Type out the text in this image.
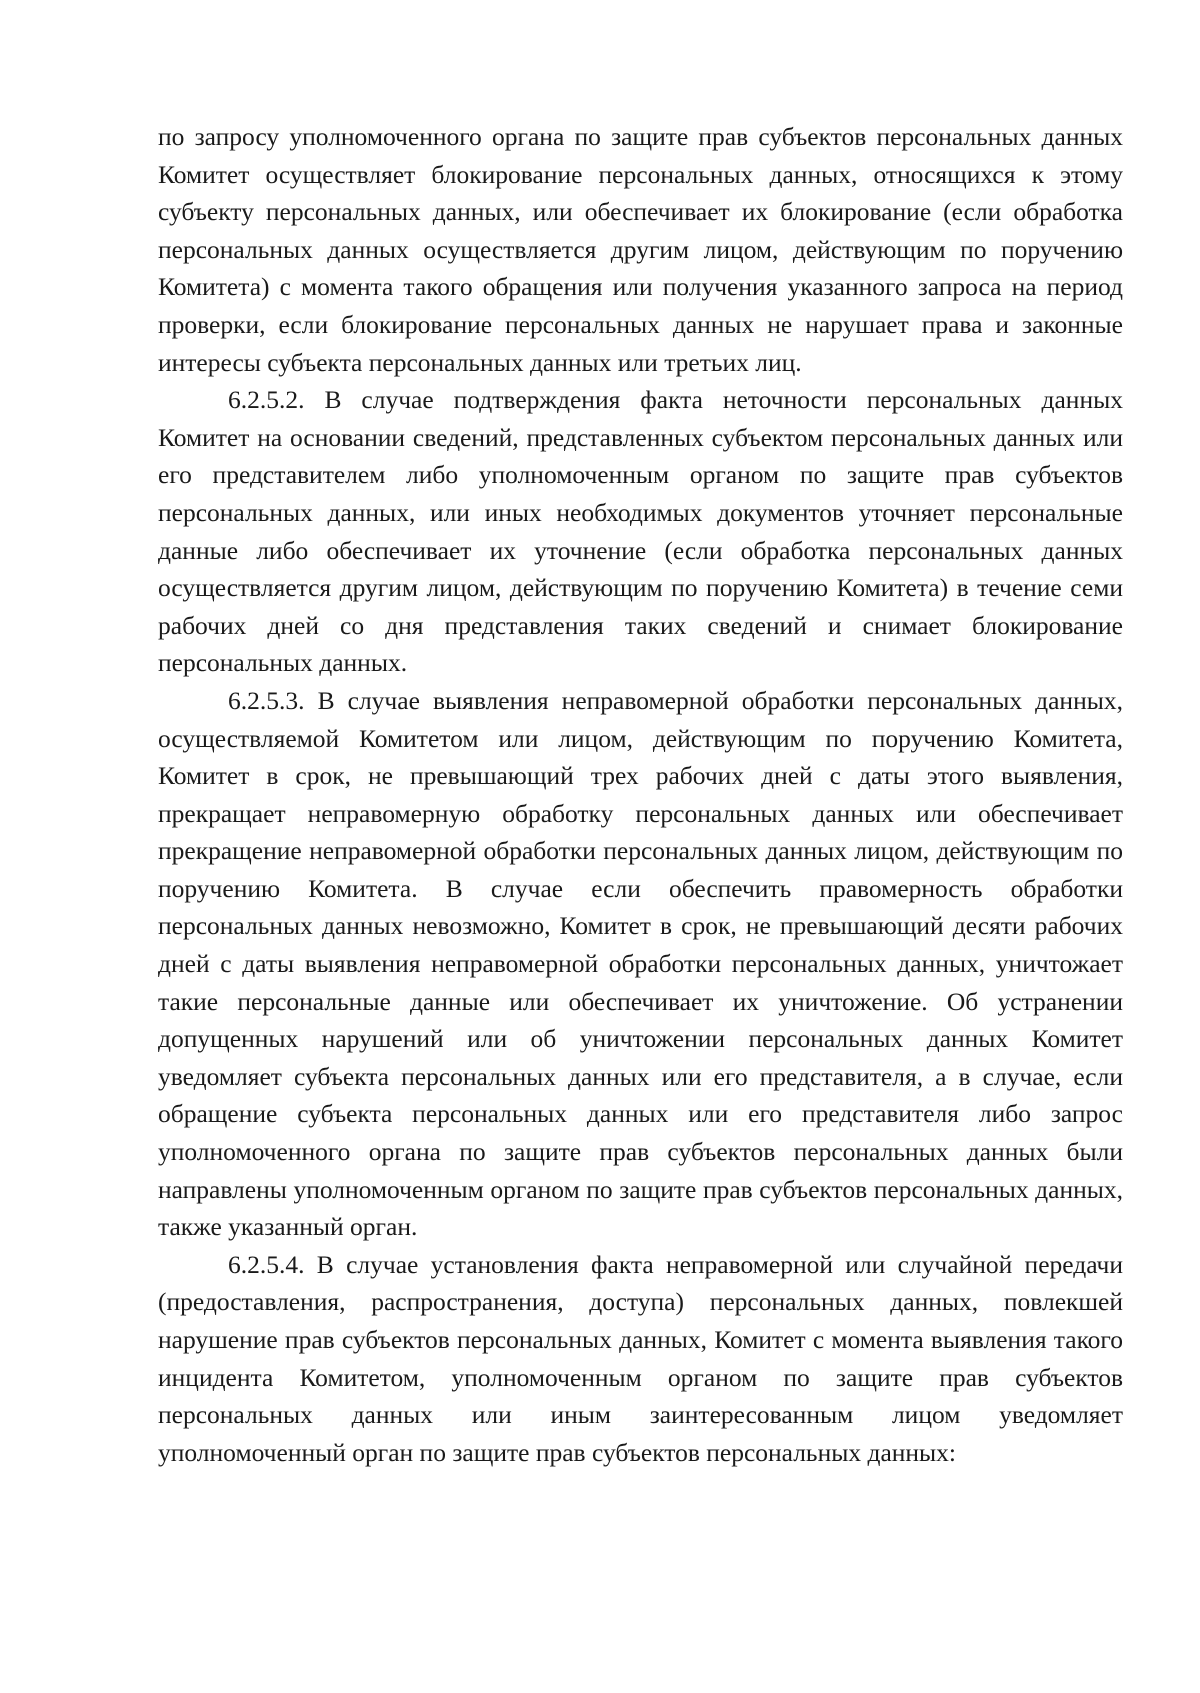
по запросу уполномоченного органа по защите прав субъектов персональных данных Комитет осуществляет блокирование персональных данных, относящихся к этому субъекту персональных данных, или обеспечивает их блокирование (если обработка персональных данных осуществляется другим лицом, действующим по поручению Комитета) с момента такого обращения или получения указанного запроса на период проверки, если блокирование персональных данных не нарушает права и законные интересы субъекта персональных данных или третьих лиц.

6.2.5.2. В случае подтверждения факта неточности персональных данных Комитет на основании сведений, представленных субъектом персональных данных или его представителем либо уполномоченным органом по защите прав субъектов персональных данных, или иных необходимых документов уточняет персональные данные либо обеспечивает их уточнение (если обработка персональных данных осуществляется другим лицом, действующим по поручению Комитета) в течение семи рабочих дней со дня представления таких сведений и снимает блокирование персональных данных.

6.2.5.3. В случае выявления неправомерной обработки персональных данных, осуществляемой Комитетом или лицом, действующим по поручению Комитета, Комитет в срок, не превышающий трех рабочих дней с даты этого выявления, прекращает неправомерную обработку персональных данных или обеспечивает прекращение неправомерной обработки персональных данных лицом, действующим по поручению Комитета. В случае если обеспечить правомерность обработки персональных данных невозможно, Комитет в срок, не превышающий десяти рабочих дней с даты выявления неправомерной обработки персональных данных, уничтожает такие персональные данные или обеспечивает их уничтожение. Об устранении допущенных нарушений или об уничтожении персональных данных Комитет уведомляет субъекта персональных данных или его представителя, а в случае, если обращение субъекта персональных данных или его представителя либо запрос уполномоченного органа по защите прав субъектов персональных данных были направлены уполномоченным органом по защите прав субъектов персональных данных, также указанный орган.

6.2.5.4. В случае установления факта неправомерной или случайной передачи (предоставления, распространения, доступа) персональных данных, повлекшей нарушение прав субъектов персональных данных, Комитет с момента выявления такого инцидента Комитетом, уполномоченным органом по защите прав субъектов персональных данных или иным заинтересованным лицом уведомляет уполномоченный орган по защите прав субъектов персональных данных:
